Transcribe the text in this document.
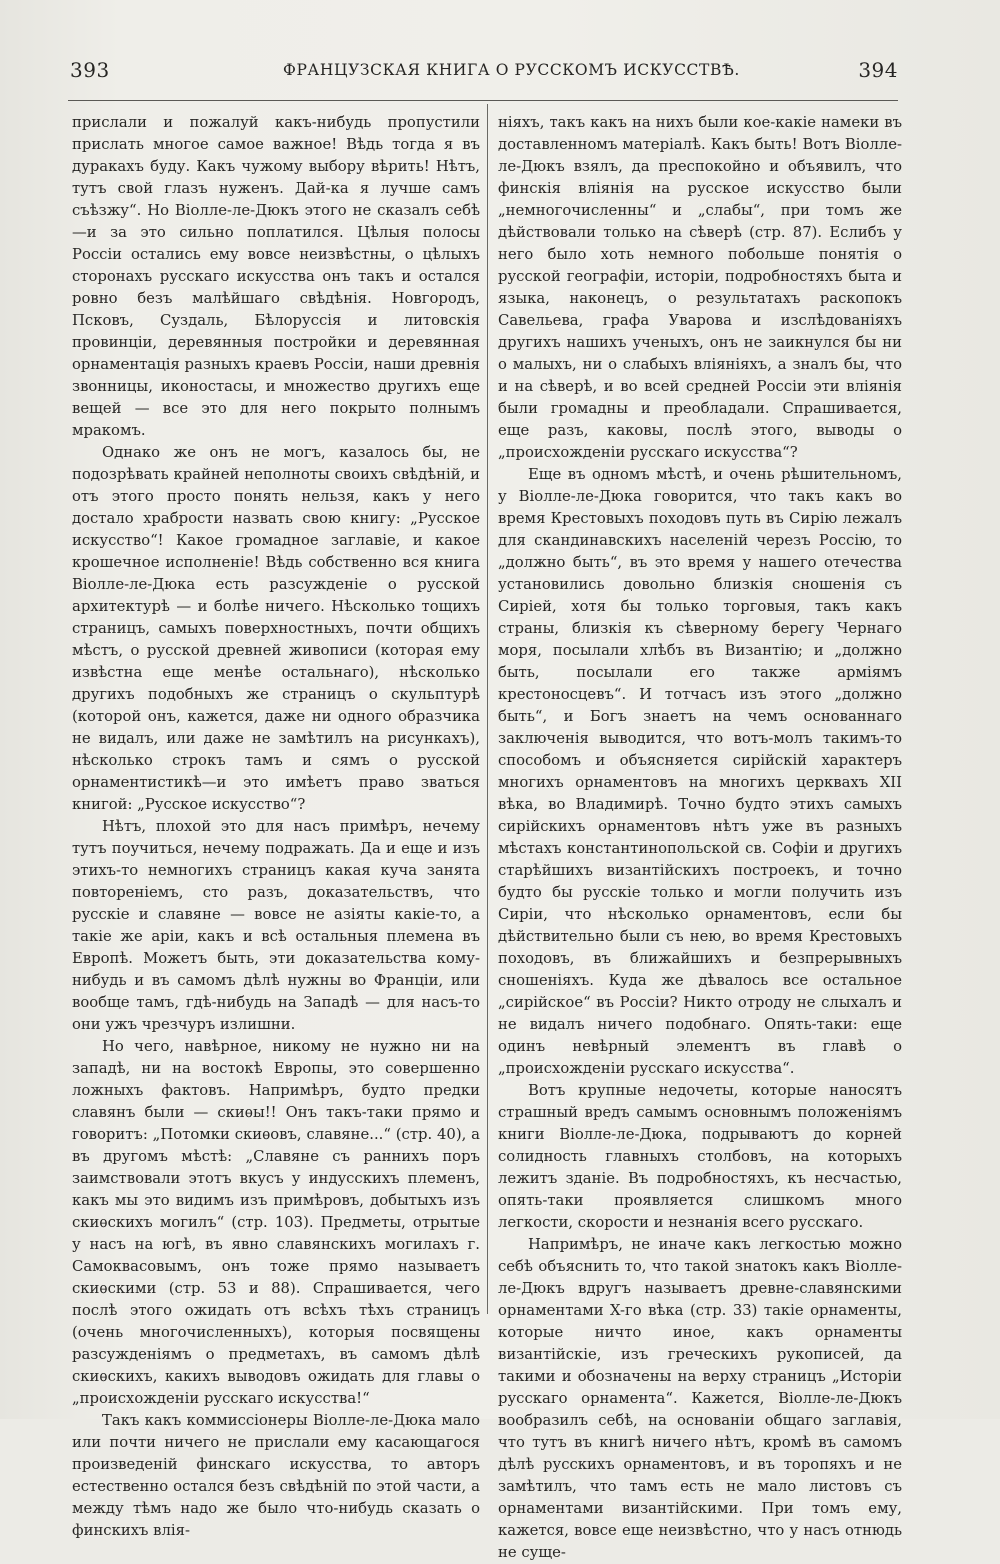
393	ФРАНЦУЗСКАЯ КНИГА О РУССКОМЪ ИСКУССТВѢ.	394

прислали и пожалуй какъ-нибудь пропустили прислать многое самое важное! Вѣдь тогда я въ дуракахъ буду. Какъ чужому выбору вѣрить! Нѣтъ, тутъ свой глазъ нуженъ. Дай-ка я лучше самъ съѣзжу“. Но Віолле-ле-Дюкъ этого не сказалъ себѣ —и за это сильно поплатился. Цѣлыя полосы Россіи остались ему вовсе неизвѣстны, о цѣлыхъ сторонахъ русскаго искусства онъ такъ и остался ровно безъ малѣйшаго свѣдѣнія. Новгородъ, Псковъ, Суздаль, Бѣлоруссія и литовскія провинціи, деревянныя постройки и деревянная орнаментація разныхъ краевъ Россіи, наши древнія звонницы, иконостасы, и множество другихъ еще вещей — все это для него покрыто полнымъ мракомъ.

Однако же онъ не могъ, казалось бы, не подозрѣвать крайней неполноты своихъ свѣдѣній, и отъ этого просто понять нельзя, какъ у него достало храбрости назвать свою книгу: „Русское искусство“! Какое громадное заглавіе, и какое крошечное исполненіе! Вѣдь собственно вся книга Віолле-ле-Дюка есть разсужденіе о русской архитектурѣ — и болѣе ничего. Нѣсколько тощихъ страницъ, самыхъ поверхностныхъ, почти общихъ мѣстъ, о русской древней живописи (которая ему извѣстна еще менѣе остальнаго), нѣсколько другихъ подобныхъ же страницъ о скульптурѣ (которой онъ, кажется, даже ни одного образчика не видалъ, или даже не замѣтилъ на рисункахъ), нѣсколько строкъ тамъ и сямъ о русской орнаментистикѣ—и это имѣетъ право зваться книгой: „Русское искусство“?

Нѣтъ, плохой это для насъ примѣръ, нечему тутъ поучиться, нечему подражать. Да и еще и изъ этихъ-то немногихъ страницъ какая куча занята повтореніемъ, сто разъ, доказательствъ, что русскіе и славяне — вовсе не азіяты какіе-то, а такіе же аріи, какъ и всѣ остальныя племена въ Европѣ. Можетъ быть, эти доказательства кому-нибудь и въ самомъ дѣлѣ нужны во Франціи, или вообще тамъ, гдѣ-нибудь на Западѣ — для насъ-то они ужъ чрезчуръ излишни.

Но чего, навѣрное, никому не нужно ни на западѣ, ни на востокѣ Европы, это совершенно ложныхъ фактовъ. Напримѣръ, будто предки славянъ были — скиѳы!! Онъ такъ-таки прямо и говоритъ: „Потомки скиѳовъ, славяне...“ (стр. 40), а въ другомъ мѣстѣ: „Славяне съ раннихъ поръ заимствовали этотъ вкусъ у индусскихъ племенъ, какъ мы это видимъ изъ примѣровъ, добытыхъ изъ скиѳскихъ могилъ“ (стр. 103). Предметы, отрытые у насъ на югѣ, въ явно славянскихъ могилахъ г. Самоквасовымъ, онъ тоже прямо называетъ скиѳскими (стр. 53 и 88). Спрашивается, чего послѣ этого ожидать отъ всѣхъ тѣхъ страницъ (очень многочисленныхъ), которыя посвящены разсужденіямъ о предметахъ, въ самомъ дѣлѣ скиѳскихъ, какихъ выводовъ ожидать для главы о „происхожденіи русскаго искусства!“

Такъ какъ коммиссіонеры Віолле-ле-Дюка мало или почти ничего не прислали ему касающагося произведеній финскаго искусства, то авторъ естественно остался безъ свѣдѣній по этой части, а между тѣмъ надо же было что-нибудь сказать о финскихъ влія-

ніяхъ, такъ какъ на нихъ были кое-какіе намеки въ доставленномъ матеріалѣ. Какъ быть! Вотъ Віолле-ле-Дюкъ взялъ, да преспокойно и объявилъ, что финскія вліянія на русское искусство были „немногочисленны“ и „слабы“, при томъ же дѣйствовали только на сѣверѣ (стр. 87). Еслибъ у него было хоть немного побольше понятія о русской географіи, исторіи, подробностяхъ быта и языка, наконецъ, о результатахъ раскопокъ Савельева, графа Уварова и изслѣдованіяхъ другихъ нашихъ ученыхъ, онъ не заикнулся бы ни о малыхъ, ни о слабыхъ вліяніяхъ, а зналъ бы, что и на сѣверѣ, и во всей средней Россіи эти вліянія были громадны и преобладали. Спрашивается, еще разъ, каковы, послѣ этого, выводы о „происхожденіи русскаго искусства“?

Еще въ одномъ мѣстѣ, и очень рѣшительномъ, у Віолле-ле-Дюка говорится, что такъ какъ во время Крестовыхъ походовъ путь въ Сирію лежалъ для скандинавскихъ населеній черезъ Россію, то „должно быть“, въ это время у нашего отечества установились довольно близкія сношенія съ Сиріей, хотя бы только торговыя, такъ какъ страны, близкія къ сѣверному берегу Чернаго моря, посылали хлѣбъ въ Византію; и „должно быть, посылали его также арміямъ крестоносцевъ“. И тотчасъ изъ этого „должно быть“, и Богъ знаетъ на чемъ основаннаго заключенія выводится, что вотъ-молъ такимъ-то способомъ и объясняется сирійскій характеръ многихъ орнаментовъ на многихъ церквахъ XII вѣка, во Владимирѣ. Точно будто этихъ самыхъ сирійскихъ орнаментовъ нѣтъ уже въ разныхъ мѣстахъ константинопольской св. Софіи и другихъ старѣйшихъ византійскихъ построекъ, и точно будто бы русскіе только и могли получить изъ Сиріи, что нѣсколько орнаментовъ, если бы дѣйствительно были съ нею, во время Крестовыхъ походовъ, въ ближайшихъ и безпрерывныхъ сношеніяхъ. Куда же дѣвалось все остальное „сирійское“ въ Россіи? Никто отроду не слыхалъ и не видалъ ничего подобнаго. Опять-таки: еще одинъ невѣрный элементъ въ главѣ о „происхожденіи русскаго искусства“.

Вотъ крупные недочеты, которые наносятъ страшный вредъ самымъ основнымъ положеніямъ книги Віолле-ле-Дюка, подрываютъ до корней солидность главныхъ столбовъ, на которыхъ лежитъ зданіе. Въ подробностяхъ, къ несчастью, опять-таки проявляется слишкомъ много легкости, скорости и незнанія всего русскаго.

Напримѣръ, не иначе какъ легкостью можно себѣ объяснить то, что такой знатокъ какъ Віолле-ле-Дюкъ вдругъ называетъ древне-славянскими орнаментами X-го вѣка (стр. 33) такіе орнаменты, которые ничто иное, какъ орнаменты византійскіе, изъ греческихъ рукописей, да такими и обозначены на верху страницъ „Исторіи русскаго орнамента“. Кажется, Віолле-ле-Дюкъ вообразилъ себѣ, на основаніи общаго заглавія, что тутъ въ книгѣ ничего нѣтъ, кромѣ въ самомъ дѣлѣ русскихъ орнаментовъ, и въ торопяхъ и не замѣтилъ, что тамъ есть не мало листовъ съ орнаментами византійскими. При томъ ему, кажется, вовсе еще неизвѣстно, что у насъ отнюдь не суще-
